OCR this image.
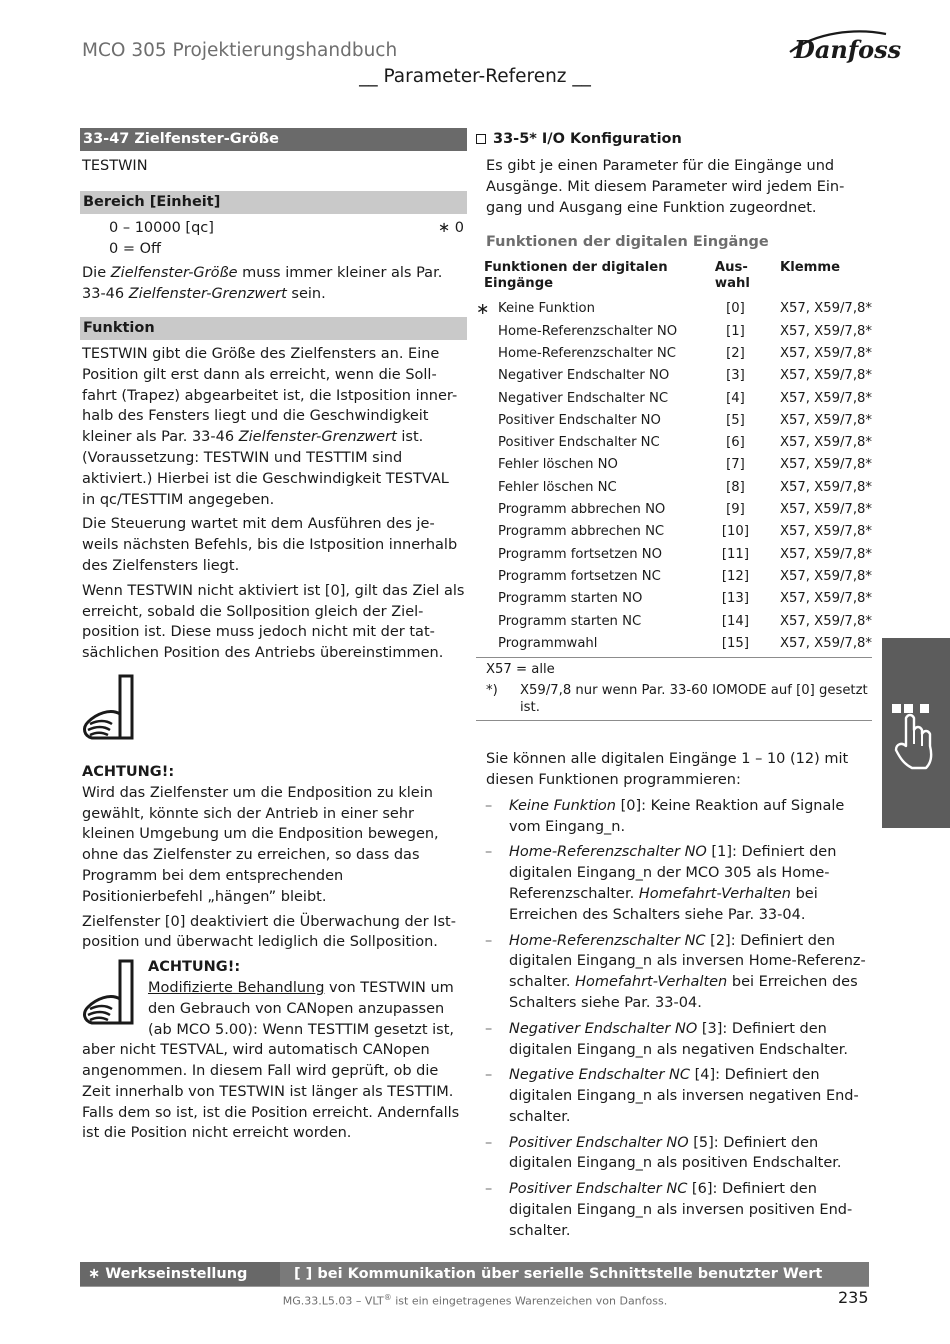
MCO 305 Projektierungshandbuch	Danfoss
__ Parameter-Referenz __
33-47 Zielfenster-Größe
TESTWIN
Bereich [Einheit]
0 – 10000 [qc]	∗ 0
0 = Off

Die Zielfenster-Größe muss immer kleiner als Par. 33-46 Zielfenster-Grenzwert sein.

Funktion

TESTWIN gibt die Größe des Zielfensters an. Eine Position gilt erst dann als erreicht, wenn die Soll-fahrt (Trapez) abgearbeitet ist, die Istposition inner-halb des Fensters liegt und die Geschwindigkeit kleiner als Par. 33-46 Zielfenster-Grenzwert ist. (Voraussetzung: TESTWIN und TESTTIM sind aktiviert.) Hierbei ist die Geschwindigkeit TESTVAL in qc/TESTTIM angegeben.

Die Steuerung wartet mit dem Ausführen des je-weils nächsten Befehls, bis die Istposition innerhalb des Zielfensters liegt.

Wenn TESTWIN nicht aktiviert ist [0], gilt das Ziel als erreicht, sobald die Sollposition gleich der Ziel-position ist. Diese muss jedoch nicht mit der tat-sächlichen Position des Antriebs übereinstimmen.

ACHTUNG!:

Wird das Zielfenster um die Endposition zu klein gewählt, könnte sich der Antrieb in einer sehr kleinen Umgebung um die Endposition bewegen, ohne das Zielfenster zu erreichen, so dass das Programm bei dem entsprechenden Positionierbefehl „hängen” bleibt.

Zielfenster [0] deaktiviert die Überwachung der Ist-position und überwacht lediglich die Sollposition.

ACHTUNG!:

Modifizierte Behandlung von TESTWIN um den Gebrauch von CANopen anzupassen (ab MCO 5.00): Wenn TESTTIM gesetzt ist, aber nicht TESTVAL, wird automatisch CANopen angenommen. In diesem Fall wird geprüft, ob die Zeit innerhalb von TESTWIN ist länger als TESTTIM. Falls dem so ist, ist die Position erreicht. Andernfalls ist die Position nicht erreicht worden.

33-5* I/O Konfiguration

Es gibt je einen Parameter für die Eingänge und Ausgänge. Mit diesem Parameter wird jedem Ein-gang und Ausgang eine Funktion zugeordnet.

Funktionen der digitalen Eingänge

	Funktionen der digitalen Eingänge	Aus-wahl	Klemme

∗	Keine Funktion	[0]	X57, X59/7,8*
	Home-Referenzschalter NO	[1]	X57, X59/7,8*
	Home-Referenzschalter NC	[2]	X57, X59/7,8*
	Negativer Endschalter NO	[3]	X57, X59/7,8*
	Negativer Endschalter NC	[4]	X57, X59/7,8*
	Positiver Endschalter NO	[5]	X57, X59/7,8*
	Positiver Endschalter NC	[6]	X57, X59/7,8*
	Fehler löschen NO	[7]	X57, X59/7,8*
	Fehler löschen NC	[8]	X57, X59/7,8*
	Programm abbrechen NO	[9]	X57, X59/7,8*
	Programm abbrechen NC	[10]	X57, X59/7,8*
	Programm fortsetzen NO	[11]	X57, X59/7,8*
	Programm fortsetzen NC	[12]	X57, X59/7,8*
	Programm starten NO	[13]	X57, X59/7,8*
	Programm starten NC	[14]	X57, X59/7,8*
	Programmwahl	[15]	X57, X59/7,8*
X57 = alle
*)	X59/7,8 nur wenn Par. 33-60 IOMODE auf [0] gesetzt ist.

Sie können alle digitalen Eingänge 1 – 10 (12) mit diesen Funktionen programmieren:

– Keine Funktion [0]: Keine Reaktion auf Signale vom Eingang_n.
– Home-Referenzschalter NO [1]: Definiert den digitalen Eingang_n der MCO 305 als Home-Referenzschalter. Homefahrt-Verhalten bei Erreichen des Schalters siehe Par. 33-04.
– Home-Referenzschalter NC [2]: Definiert den digitalen Eingang_n als inversen Home-Referenz-schalter. Homefahrt-Verhalten bei Erreichen des Schalters siehe Par. 33-04.
– Negativer Endschalter NO [3]: Definiert den digitalen Eingang_n als negativen Endschalter.
– Negative Endschalter NC [4]: Definiert den digitalen Eingang_n als inversen negativen End-schalter.
– Positiver Endschalter NO [5]: Definiert den digitalen Eingang_n als positiven Endschalter.
– Positiver Endschalter NC [6]: Definiert den digitalen Eingang_n als inversen positiven End-schalter.
∗ Werkseinstellung	[ ] bei Kommunikation über serielle Schnittstelle benutzter Wert
MG.33.L5.03 – VLT® ist ein eingetragenes Warenzeichen von Danfoss.	235
